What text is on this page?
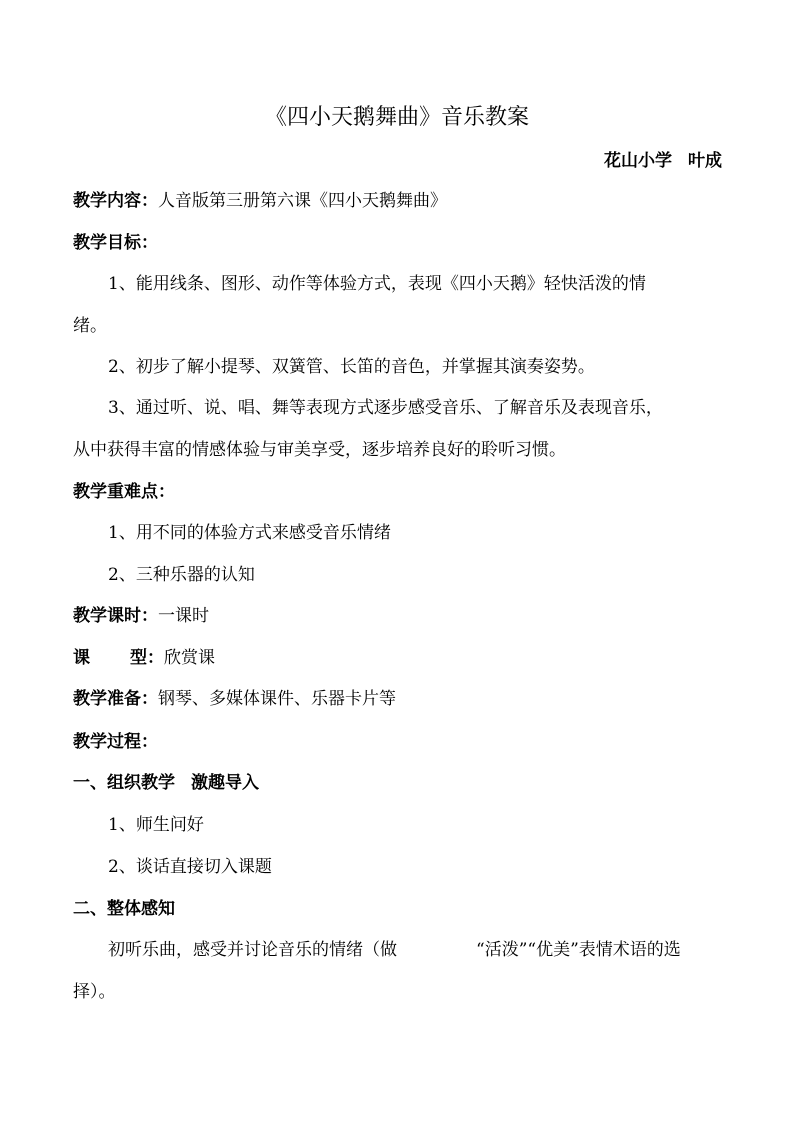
《四小天鹅舞曲》音乐教案
花山小学 叶成
教学内容：人音版第三册第六课《四小天鹅舞曲》
教学目标：
1、能用线条、图形、动作等体验方式，表现《四小天鹅》轻快活泼的情
绪。
2、初步了解小提琴、双簧管、长笛的音色，并掌握其演奏姿势。
3、通过听、说、唱、舞等表现方式逐步感受音乐、了解音乐及表现音乐，
从中获得丰富的情感体验与审美享受，逐步培养良好的聆听习惯。
教学重难点：
1、用不同的体验方式来感受音乐情绪
2、三种乐器的认知
教学课时：一课时
课 型：欣赏课
教学准备：钢琴、多媒体课件、乐器卡片等
教学过程：
一、组织教学 激趣导入
1、师生问好
2、谈话直接切入课题
二、整体感知
初听乐曲，感受并讨论音乐的情绪（做	“活泼”“优美”表情术语的选
择）。
